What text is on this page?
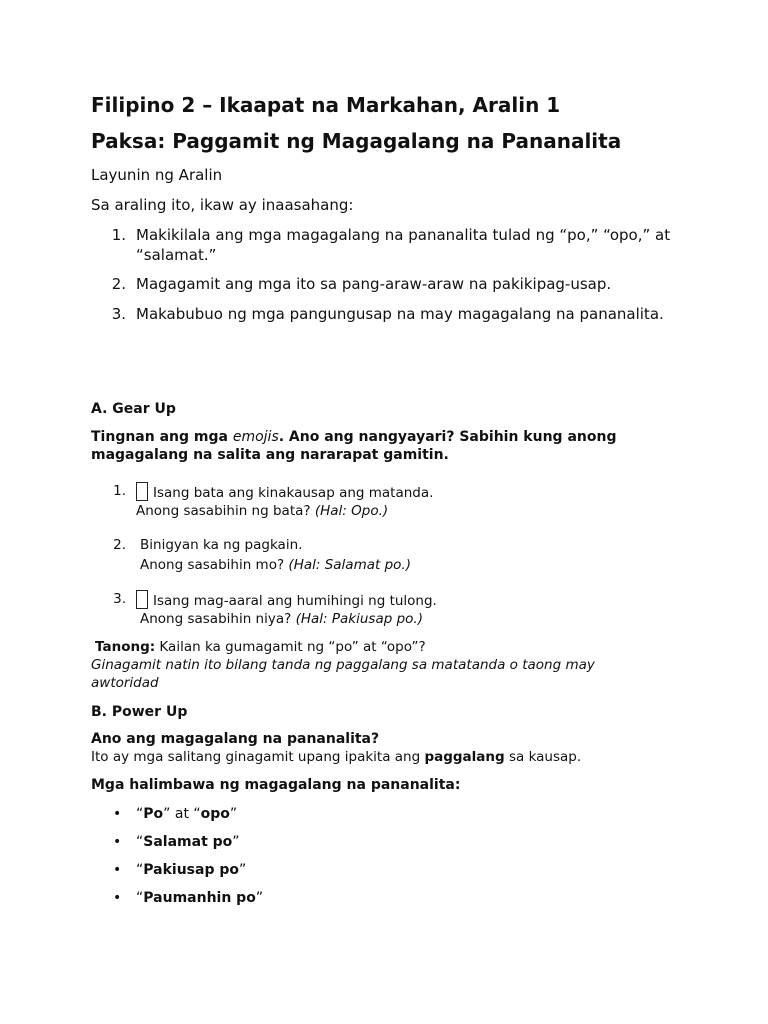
Filipino 2 – Ikaapat na Markahan, Aralin 1
Paksa: Paggamit ng Magagalang na Pananalita
Layunin ng Aralin
Sa araling ito, ikaw ay inaasahang:
1. Makikilala ang mga magagalang na pananalita tulad ng “po,” “opo,” at
“salamat.”
2. Magagamit ang mga ito sa pang-araw-araw na pakikipag-usap.
3. Makabubuo ng mga pangungusap na may magagalang na pananalita.
A. Gear Up
Tingnan ang mga emojis. Ano ang nangyayari? Sabihin kung anong
magagalang na salita ang nararapat gamitin.
1.	Isang bata ang kinakausap ang matanda.
Anong sasabihin ng bata? (Hal: Opo.)
2. Binigyan ka ng pagkain.
Anong sasabihin mo? (Hal: Salamat po.)
3.	Isang mag-aaral ang humihingi ng tulong.
Anong sasabihin niya? (Hal: Pakiusap po.)
Tanong: Kailan ka gumagamit ng “po” at “opo”?
Ginagamit natin ito bilang tanda ng paggalang sa matatanda o taong may
awtoridad
B. Power Up
Ano ang magagalang na pananalita?
Ito ay mga salitang ginagamit upang ipakita ang paggalang sa kausap.
Mga halimbawa ng magagalang na pananalita:
• “Po” at “opo”
• “Salamat po”
• “Pakiusap po”
• “Paumanhin po”
